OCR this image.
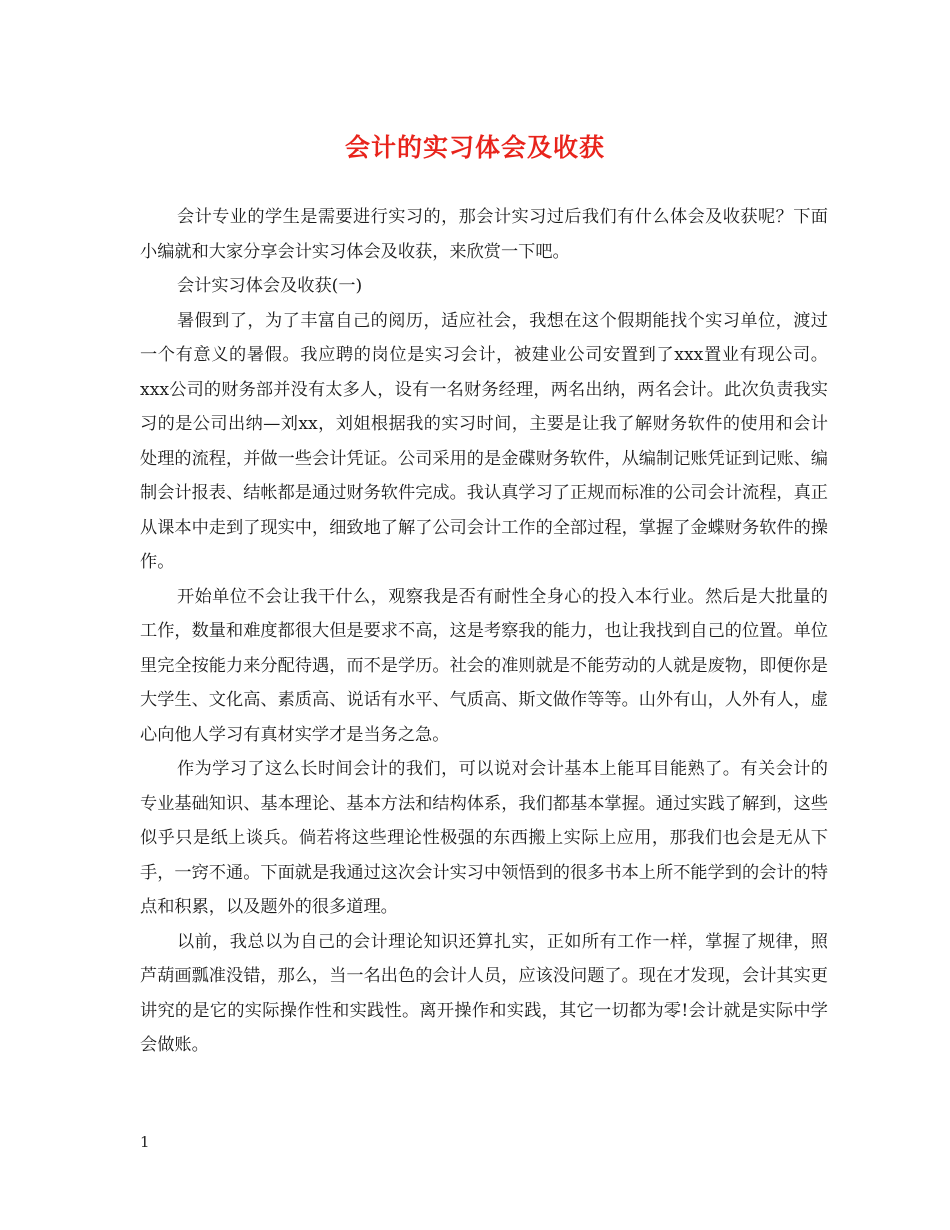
会计的实习体会及收获

会计专业的学生是需要进行实习的，那会计实习过后我们有什么体会及收获呢？下面小编就和大家分享会计实习体会及收获，来欣赏一下吧。

会计实习体会及收获(一)

暑假到了，为了丰富自己的阅历，适应社会，我想在这个假期能找个实习单位，渡过一个有意义的暑假。我应聘的岗位是实习会计，被建业公司安置到了xxx置业有现公司。xxx公司的财务部并没有太多人，设有一名财务经理，两名出纳，两名会计。此次负责我实习的是公司出纳—刘xx，刘姐根据我的实习时间，主要是让我了解财务软件的使用和会计处理的流程，并做一些会计凭证。公司采用的是金碟财务软件，从编制记账凭证到记账、编制会计报表、结帐都是通过财务软件完成。我认真学习了正规而标准的公司会计流程，真正从课本中走到了现实中，细致地了解了公司会计工作的全部过程，掌握了金蝶财务软件的操作。

开始单位不会让我干什么，观察我是否有耐性全身心的投入本行业。然后是大批量的工作，数量和难度都很大但是要求不高，这是考察我的能力，也让我找到自己的位置。单位里完全按能力来分配待遇，而不是学历。社会的准则就是不能劳动的人就是废物，即便你是大学生、文化高、素质高、说话有水平、气质高、斯文做作等等。山外有山，人外有人，虚心向他人学习有真材实学才是当务之急。

作为学习了这么长时间会计的我们，可以说对会计基本上能耳目能熟了。有关会计的专业基础知识、基本理论、基本方法和结构体系，我们都基本掌握。通过实践了解到，这些似乎只是纸上谈兵。倘若将这些理论性极强的东西搬上实际上应用，那我们也会是无从下手，一窍不通。下面就是我通过这次会计实习中领悟到的很多书本上所不能学到的会计的特点和积累，以及题外的很多道理。

以前，我总以为自己的会计理论知识还算扎实，正如所有工作一样，掌握了规律，照芦葫画瓢准没错，那么，当一名出色的会计人员，应该没问题了。现在才发现，会计其实更讲究的是它的实际操作性和实践性。离开操作和实践，其它一切都为零!会计就是实际中学会做账。

1
